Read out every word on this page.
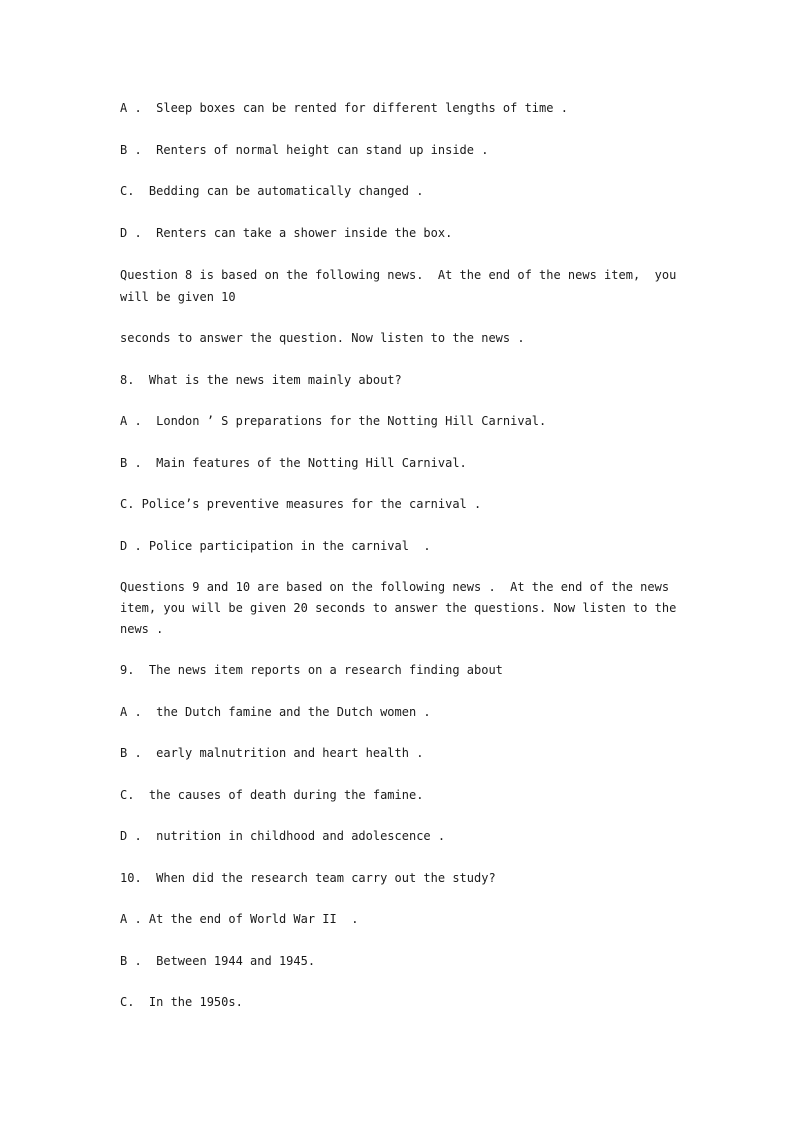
A .  Sleep boxes can be rented for different lengths of time .
B .  Renters of normal height can stand up inside .
C.  Bedding can be automatically changed .
D .  Renters can take a shower inside the box.
Question 8 is based on the following news.  At the end of the news item,  you will be given 10
seconds to answer the question. Now listen to the news .
8.  What is the news item mainly about?
A .  London ’ S preparations for the Notting Hill Carnival.
B .  Main features of the Notting Hill Carnival.
C. Police’s preventive measures for the carnival .
D . Police participation in the carnival  .
Questions 9 and 10 are based on the following news .  At the end of the news item, you will be given 20 seconds to answer the questions. Now listen to the news .
9.  The news item reports on a research finding about
A .  the Dutch famine and the Dutch women .
B .  early malnutrition and heart health .
C.  the causes of death during the famine.
D .  nutrition in childhood and adolescence .
10.  When did the research team carry out the study?
A . At the end of World War II  .
B .  Between 1944 and 1945.
C.  In the 1950s.
